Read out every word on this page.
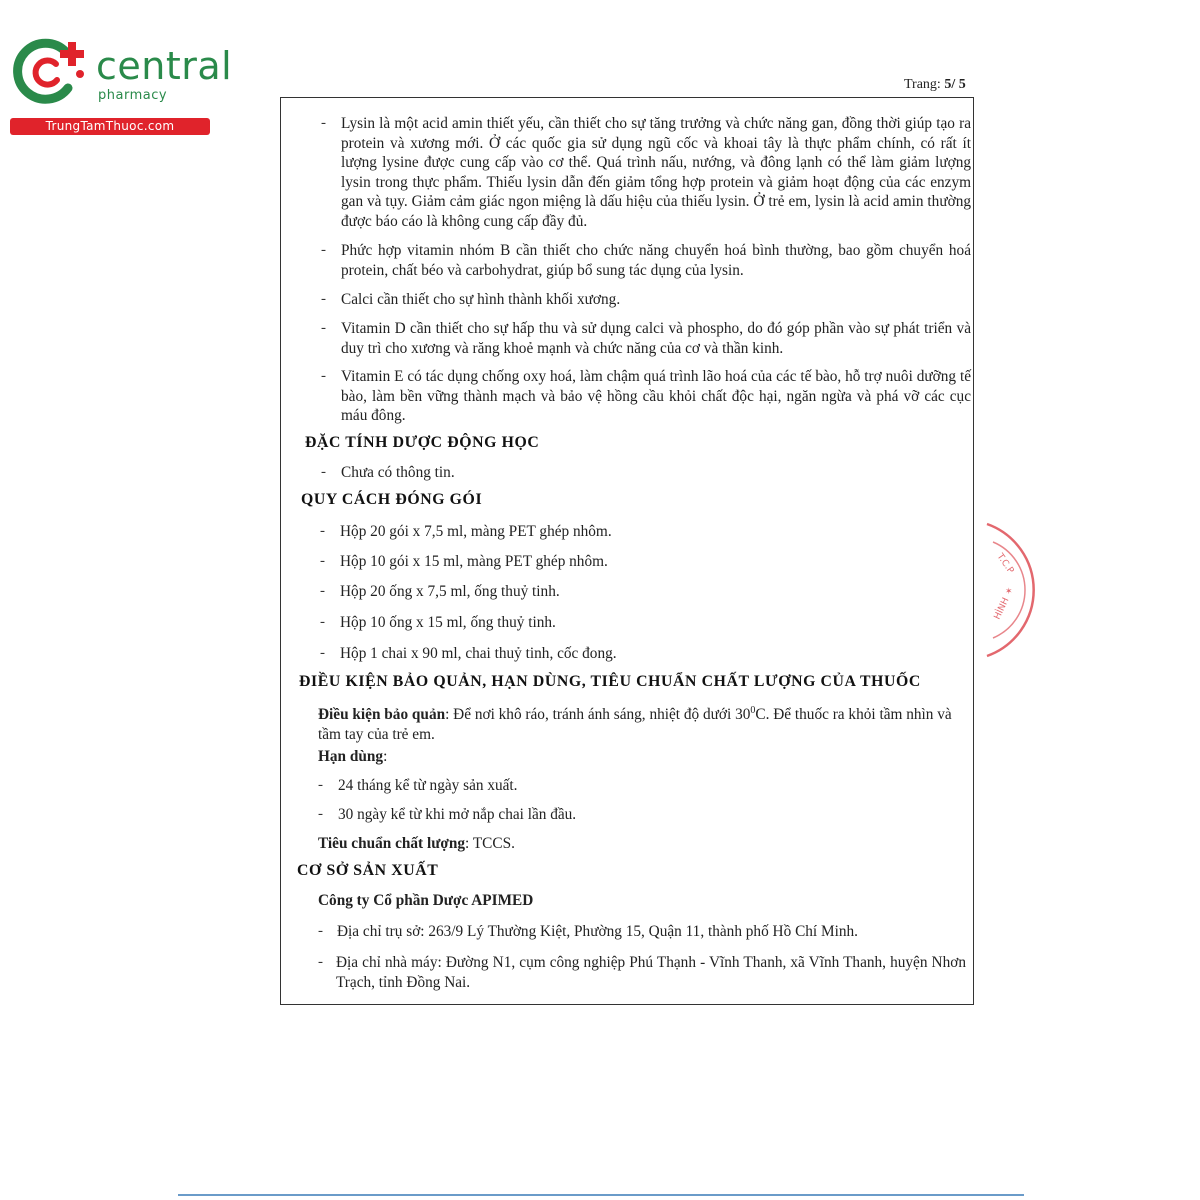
central
pharmacy
TrungTamThuoc.com
Trang: 5/ 5
- Lysin là một acid amin thiết yếu, cần thiết cho sự tăng trưởng và chức năng gan, đồng thời giúp tạo ra protein và xương mới. Ở các quốc gia sử dụng ngũ cốc và khoai tây là thực phẩm chính, có rất ít lượng lysine được cung cấp vào cơ thể. Quá trình nấu, nướng, và đông lạnh có thể làm giảm lượng lysin trong thực phẩm. Thiếu lysin dẫn đến giảm tổng hợp protein và giảm hoạt động của các enzym gan và tụy. Giảm cảm giác ngon miệng là dấu hiệu của thiếu lysin. Ở trẻ em, lysin là acid amin thường được báo cáo là không cung cấp đầy đủ.
- Phức hợp vitamin nhóm B cần thiết cho chức năng chuyển hoá bình thường, bao gồm chuyển hoá protein, chất béo và carbohydrat, giúp bổ sung tác dụng của lysin.
- Calci cần thiết cho sự hình thành khối xương.
- Vitamin D cần thiết cho sự hấp thu và sử dụng calci và phospho, do đó góp phần vào sự phát triển và duy trì cho xương và răng khoẻ mạnh và chức năng của cơ và thần kinh.
- Vitamin E có tác dụng chống oxy hoá, làm chậm quá trình lão hoá của các tế bào, hỗ trợ nuôi dưỡng tế bào, làm bền vững thành mạch và bảo vệ hồng cầu khỏi chất độc hại, ngăn ngừa và phá vỡ các cục máu đông.
ĐẶC TÍNH DƯỢC ĐỘNG HỌC
- Chưa có thông tin.
QUY CÁCH ĐÓNG GÓI
- Hộp 20 gói x 7,5 ml, màng PET ghép nhôm.
- Hộp 10 gói x 15 ml, màng PET ghép nhôm.
- Hộp 20 ống x 7,5 ml, ống thuỷ tinh.
- Hộp 10 ống x 15 ml, ống thuỷ tinh.
- Hộp 1 chai x 90 ml, chai thuỷ tinh, cốc đong.
ĐIỀU KIỆN BẢO QUẢN, HẠN DÙNG, TIÊU CHUẨN CHẤT LƯỢNG CỦA THUỐC
Điều kiện bảo quản: Để nơi khô ráo, tránh ánh sáng, nhiệt độ dưới $30^0C$. Để thuốc ra khỏi tầm nhìn và tầm tay của trẻ em.
Hạn dùng:
- 24 tháng kể từ ngày sản xuất.
- 30 ngày kể từ khi mở nắp chai lần đầu.
Tiêu chuẩn chất lượng: TCCS.
CƠ SỞ SẢN XUẤT
Công ty Cổ phần Dược APIMED
- Địa chỉ trụ sở: 263/9 Lý Thường Kiệt, Phường 15, Quận 11, thành phố Hồ Chí Minh.
- Địa chỉ nhà máy: Đường N1, cụm công nghiệp Phú Thạnh - Vĩnh Thanh, xã Vĩnh Thanh, huyện Nhơn Trạch, tỉnh Đồng Nai.
T.C.P
✶
HÌNH
